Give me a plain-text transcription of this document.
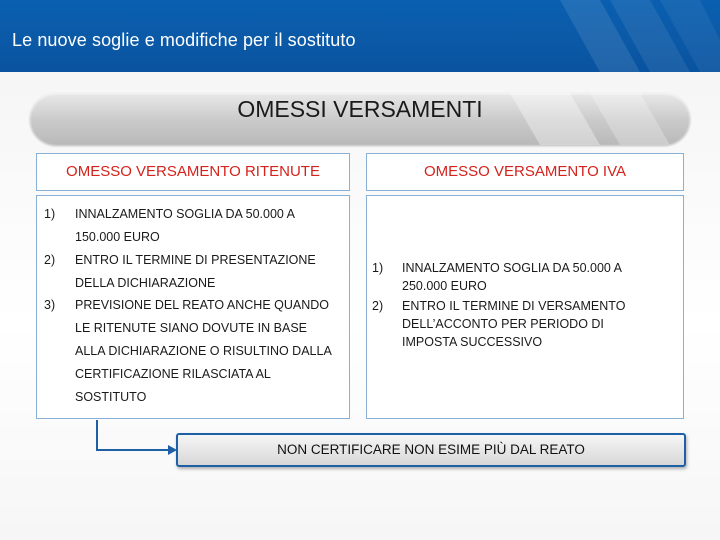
Le nuove soglie e modifiche per il sostituto
OMESSI VERSAMENTI
OMESSO VERSAMENTO RITENUTE
1) INNALZAMENTO SOGLIA DA 50.000 A
150.000 EURO
2) ENTRO IL TERMINE DI PRESENTAZIONE
DELLA DICHIARAZIONE
3) PREVISIONE DEL REATO ANCHE QUANDO
LE RITENUTE SIANO DOVUTE IN BASE
ALLA DICHIARAZIONE O RISULTINO DALLA
CERTIFICAZIONE RILASCIATA AL
SOSTITUTO
OMESSO VERSAMENTO IVA
1) INNALZAMENTO SOGLIA DA 50.000 A
250.000 EURO
2) ENTRO IL TERMINE DI VERSAMENTO
DELL’ACCONTO PER PERIODO DI
IMPOSTA SUCCESSIVO
NON CERTIFICARE NON ESIME PIÙ DAL REATO
